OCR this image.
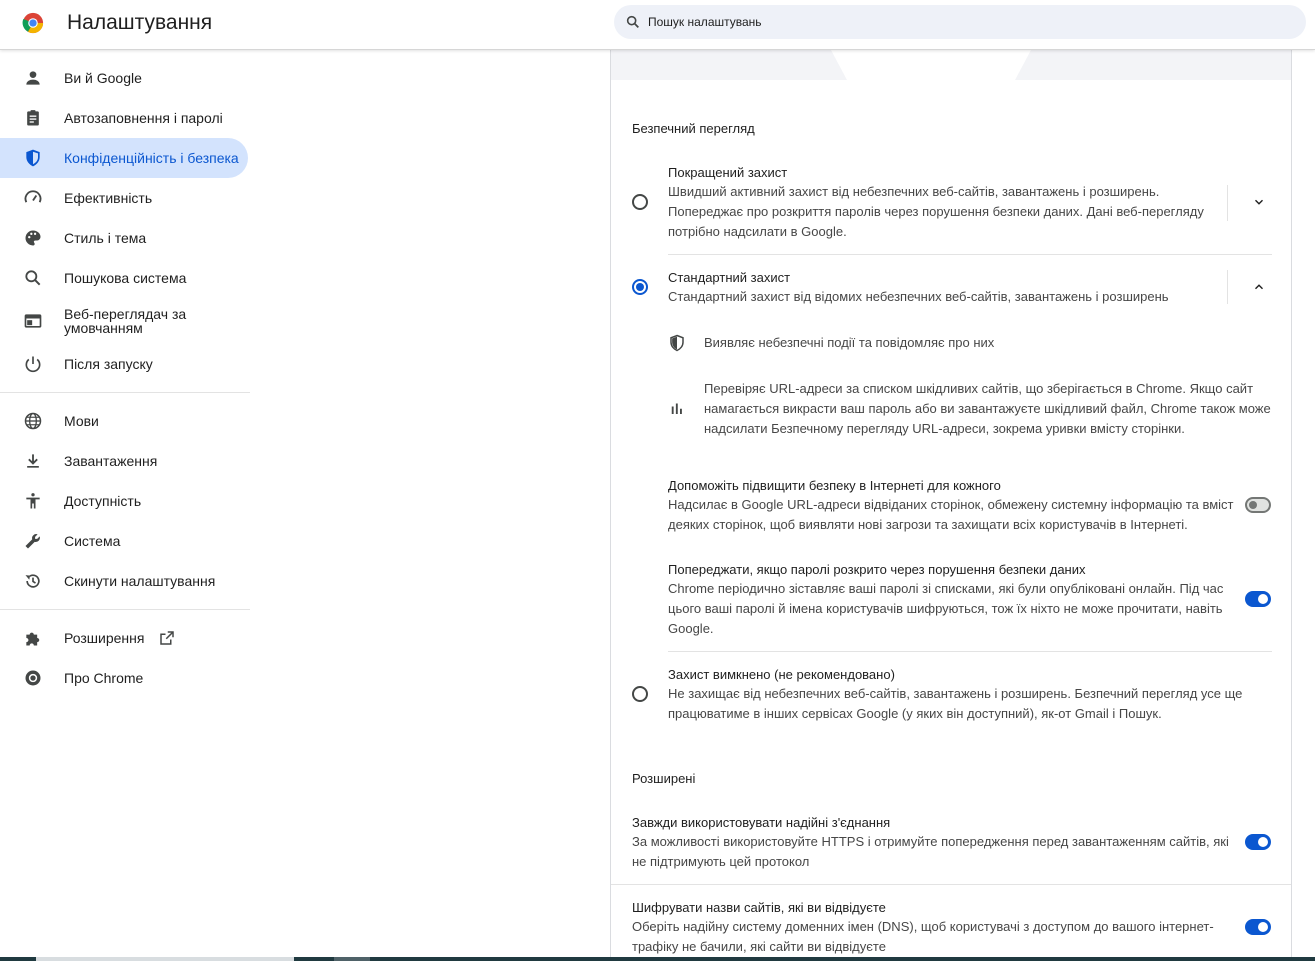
Налаштування
Пошук налаштувань
Ви й Google
Автозаповнення і паролі
Конфіденційність і безпека
Ефективність
Стиль і тема
Пошукова система
Веб-переглядач за умовчанням
Після запуску
Мови
Завантаження
Доступність
Система
Скинути налаштування
Розширення
Про Chrome
Безпечний перегляд
Покращений захист
Швидший активний захист від небезпечних веб-сайтів, завантажень і розширень.
Попереджає про розкриття паролів через порушення безпеки даних. Дані веб-перегляду
потрібно надсилати в Google.
Стандартний захист
Стандартний захист від відомих небезпечних веб-сайтів, завантажень і розширень
Виявляє небезпечні події та повідомляє про них
Перевіряє URL-адреси за списком шкідливих сайтів, що зберігається в Chrome. Якщо сайт
намагається викрасти ваш пароль або ви завантажуєте шкідливий файл, Chrome також може
надсилати Безпечному перегляду URL-адреси, зокрема уривки вмісту сторінки.
Допоможіть підвищити безпеку в Інтернеті для кожного
Надсилає в Google URL-адреси відвіданих сторінок, обмежену системну інформацію та вміст
деяких сторінок, щоб виявляти нові загрози та захищати всіх користувачів в Інтернеті.
Попереджати, якщо паролі розкрито через порушення безпеки даних
Chrome періодично зіставляє ваші паролі зі списками, які були опубліковані онлайн. Під час
цього ваші паролі й імена користувачів шифруються, тож їх ніхто не може прочитати, навіть
Google.
Захист вимкнено (не рекомендовано)
Не захищає від небезпечних веб-сайтів, завантажень і розширень. Безпечний перегляд усе ще
працюватиме в інших сервісах Google (у яких він доступний), як-от Gmail і Пошук.
Розширені
Завжди використовувати надійні з'єднання
За можливості використовуйте HTTPS і отримуйте попередження перед завантаженням сайтів, які
не підтримують цей протокол
Шифрувати назви сайтів, які ви відвідуєте
Оберіть надійну систему доменних імен (DNS), щоб користувачі з доступом до вашого інтернет-
трафіку не бачили, які сайти ви відвідуєте
